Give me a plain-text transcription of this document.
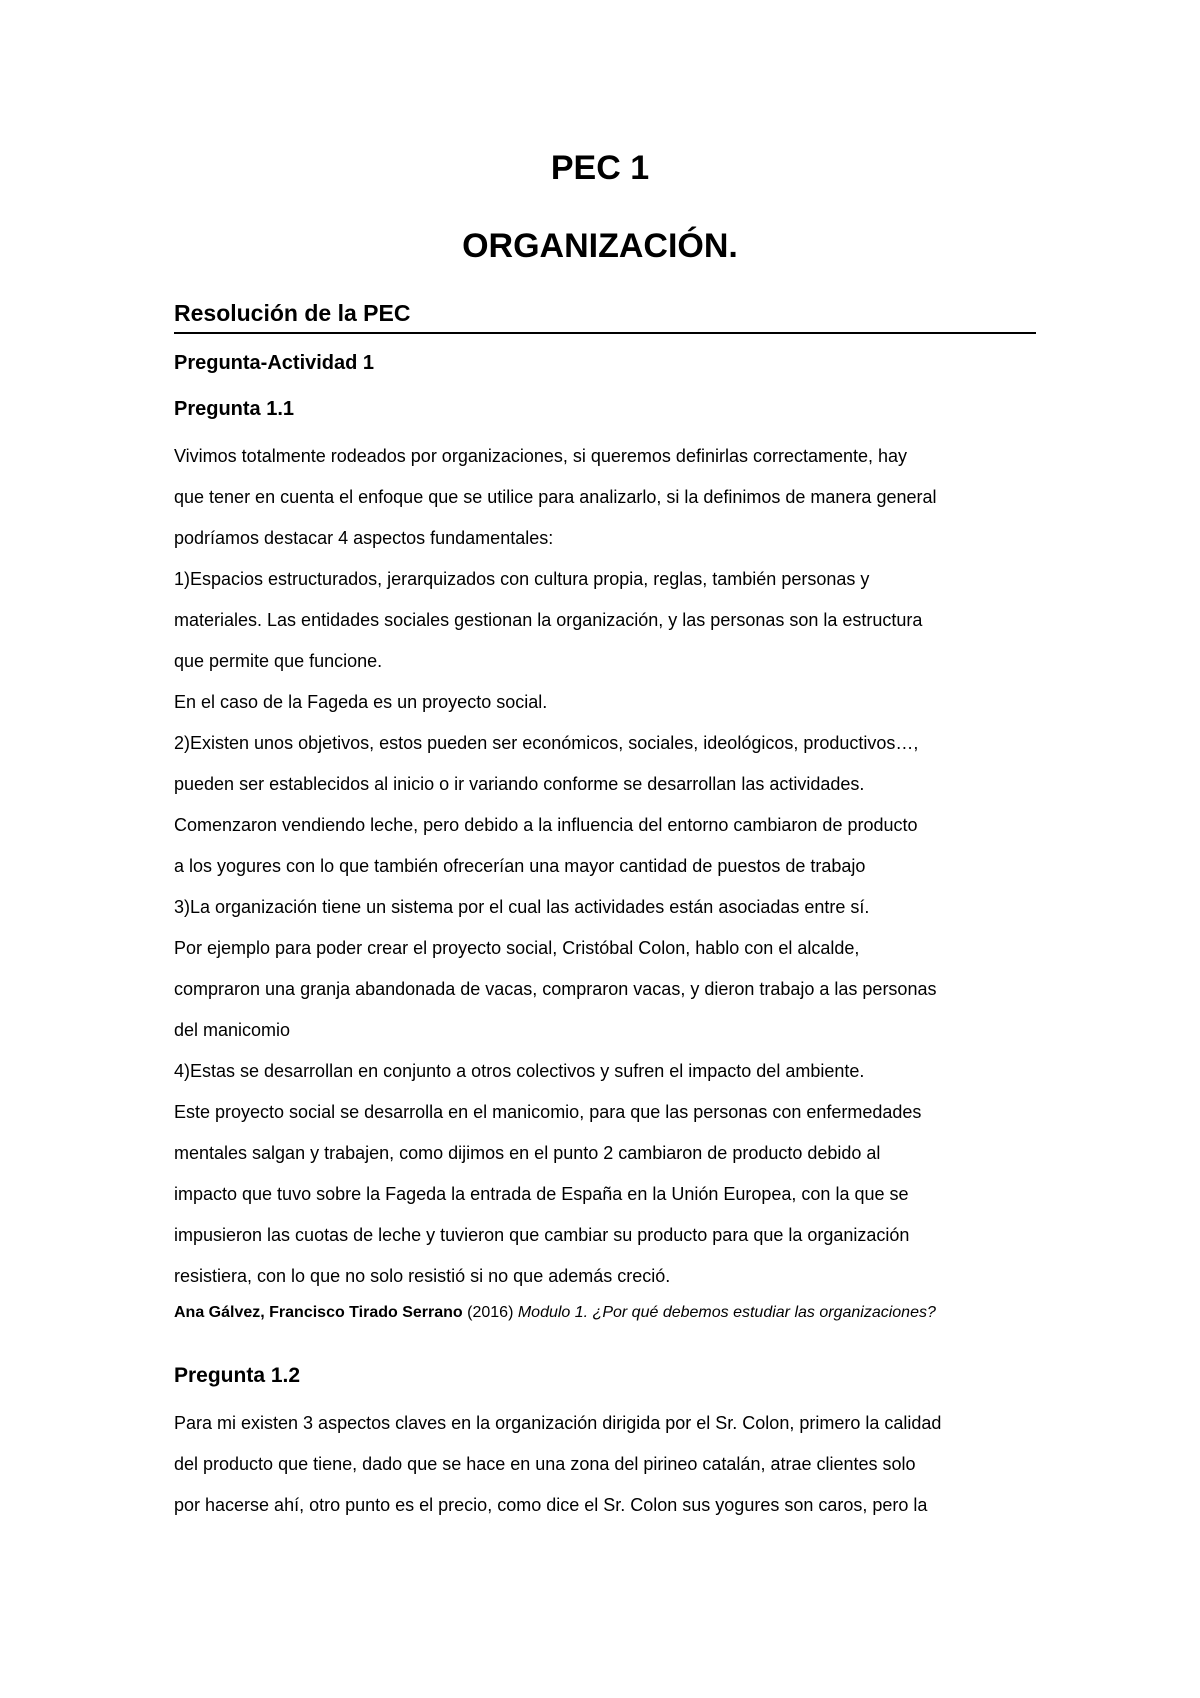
PEC 1
ORGANIZACIÓN.
Resolución de la PEC
Pregunta-Actividad 1
Pregunta 1.1

Vivimos totalmente rodeados por organizaciones, si queremos definirlas correctamente, hay

que tener en cuenta el enfoque que se utilice para analizarlo, si la definimos de manera general

podríamos destacar 4 aspectos fundamentales:

1)Espacios estructurados, jerarquizados con cultura propia, reglas, también personas y

materiales. Las entidades sociales gestionan la organización, y las personas son la estructura

que permite que funcione.

En el caso de la Fageda es un proyecto social.

2)Existen unos objetivos, estos pueden ser económicos, sociales, ideológicos, productivos…,

pueden ser establecidos al inicio o ir variando conforme se desarrollan las actividades.

Comenzaron vendiendo leche, pero debido a la influencia del entorno cambiaron de producto

a los yogures con lo que también ofrecerían una mayor cantidad de puestos de trabajo

3)La organización tiene un sistema por el cual las actividades están asociadas entre sí.

Por ejemplo para poder crear el proyecto social, Cristóbal Colon, hablo con el alcalde,

compraron una granja abandonada de vacas, compraron vacas, y dieron trabajo a las personas

del manicomio

4)Estas se desarrollan en conjunto a otros colectivos y sufren el impacto del ambiente.

Este proyecto social se desarrolla en el manicomio, para que las personas con enfermedades

mentales salgan y trabajen, como dijimos en el punto 2 cambiaron de producto debido al

impacto que tuvo sobre la Fageda la entrada de España en la Unión Europea, con la que se

impusieron las cuotas de leche y tuvieron que cambiar su producto para que la organización

resistiera, con lo que no solo resistió si no que además creció.

Ana Gálvez, Francisco Tirado Serrano (2016) Modulo 1. ¿Por qué debemos estudiar las organizaciones?

Pregunta 1.2

Para mi existen 3 aspectos claves en la organización dirigida por el Sr. Colon, primero la calidad

del producto que tiene, dado que se hace en una zona del pirineo catalán, atrae clientes solo

por hacerse ahí, otro punto es el precio, como dice el Sr. Colon sus yogures son caros, pero la
